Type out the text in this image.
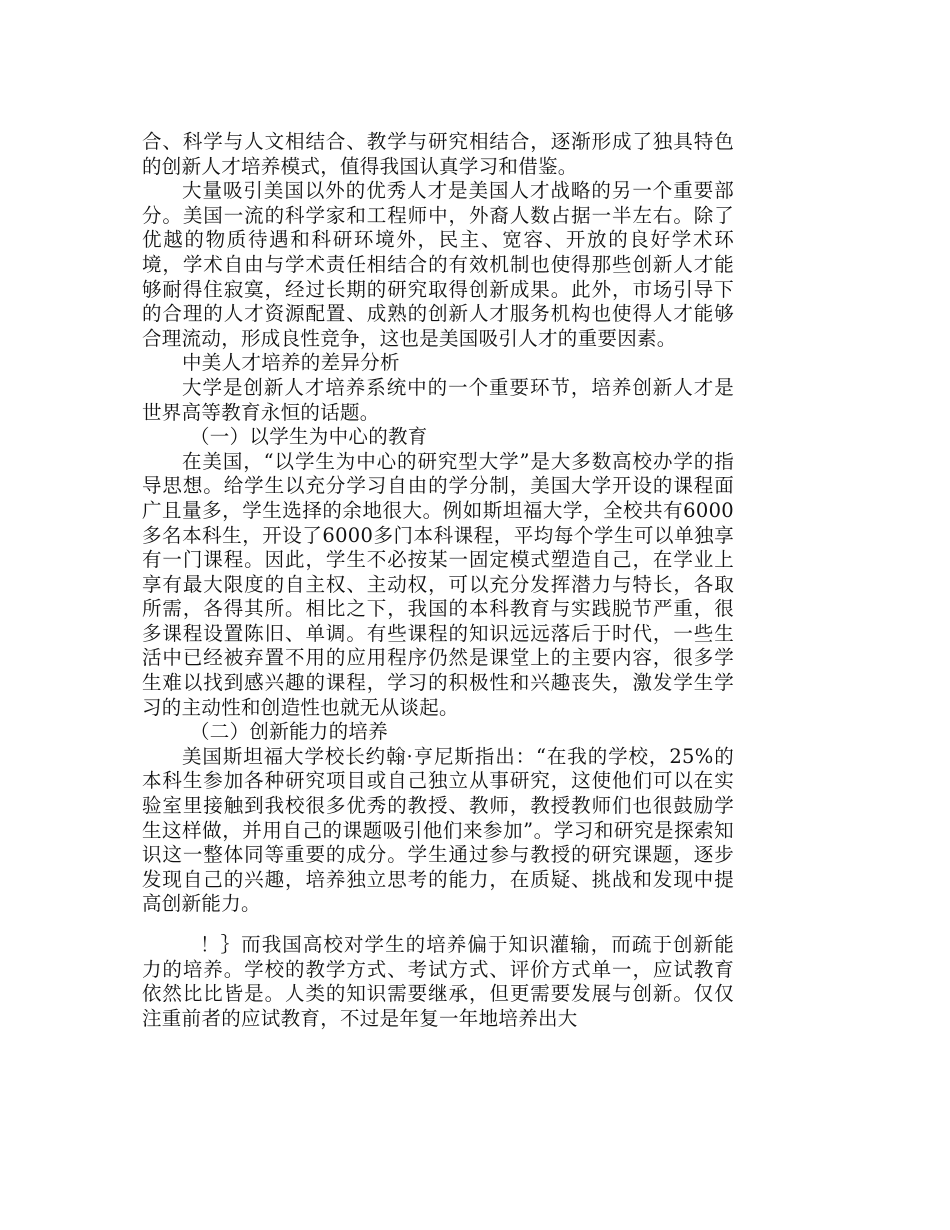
合、科学与人文相结合、教学与研究相结合，逐渐形成了独具特色的创新人才培养模式，值得我国认真学习和借鉴。

大量吸引美国以外的优秀人才是美国人才战略的另一个重要部分。美国一流的科学家和工程师中，外裔人数占据一半左右。除了优越的物质待遇和科研环境外，民主、宽容、开放的良好学术环境，学术自由与学术责任相结合的有效机制也使得那些创新人才能够耐得住寂寞，经过长期的研究取得创新成果。此外，市场引导下的合理的人才资源配置、成熟的创新人才服务机构也使得人才能够合理流动，形成良性竞争，这也是美国吸引人才的重要因素。

中美人才培养的差异分析

大学是创新人才培养系统中的一个重要环节，培养创新人才是世界高等教育永恒的话题。

（一）以学生为中心的教育

在美国，“以学生为中心的研究型大学”是大多数高校办学的指导思想。给学生以充分学习自由的学分制，美国大学开设的课程面广且量多，学生选择的余地很大。例如斯坦福大学，全校共有6000多名本科生，开设了6000多门本科课程，平均每个学生可以单独享有一门课程。因此，学生不必按某一固定模式塑造自己，在学业上享有最大限度的自主权、主动权，可以充分发挥潜力与特长，各取所需，各得其所。相比之下，我国的本科教育与实践脱节严重，很多课程设置陈旧、单调。有些课程的知识远远落后于时代，一些生活中已经被弃置不用的应用程序仍然是课堂上的主要内容，很多学生难以找到感兴趣的课程，学习的积极性和兴趣丧失，激发学生学习的主动性和创造性也就无从谈起。

（二）创新能力的培养

美国斯坦福大学校长约翰·亨尼斯指出：“在我的学校，25%的本科生参加各种研究项目或自己独立从事研究，这使他们可以在实验室里接触到我校很多优秀的教授、教师，教授教师们也很鼓励学生这样做，并用自己的课题吸引他们来参加”。学习和研究是探索知识这一整体同等重要的成分。学生通过参与教授的研究课题，逐步发现自己的兴趣，培养独立思考的能力，在质疑、挑战和发现中提高创新能力。

！｝而我国高校对学生的培养偏于知识灌输，而疏于创新能力的培养。学校的教学方式、考试方式、评价方式单一，应试教育依然比比皆是。人类的知识需要继承，但更需要发展与创新。仅仅注重前者的应试教育，不过是年复一年地培养出大
